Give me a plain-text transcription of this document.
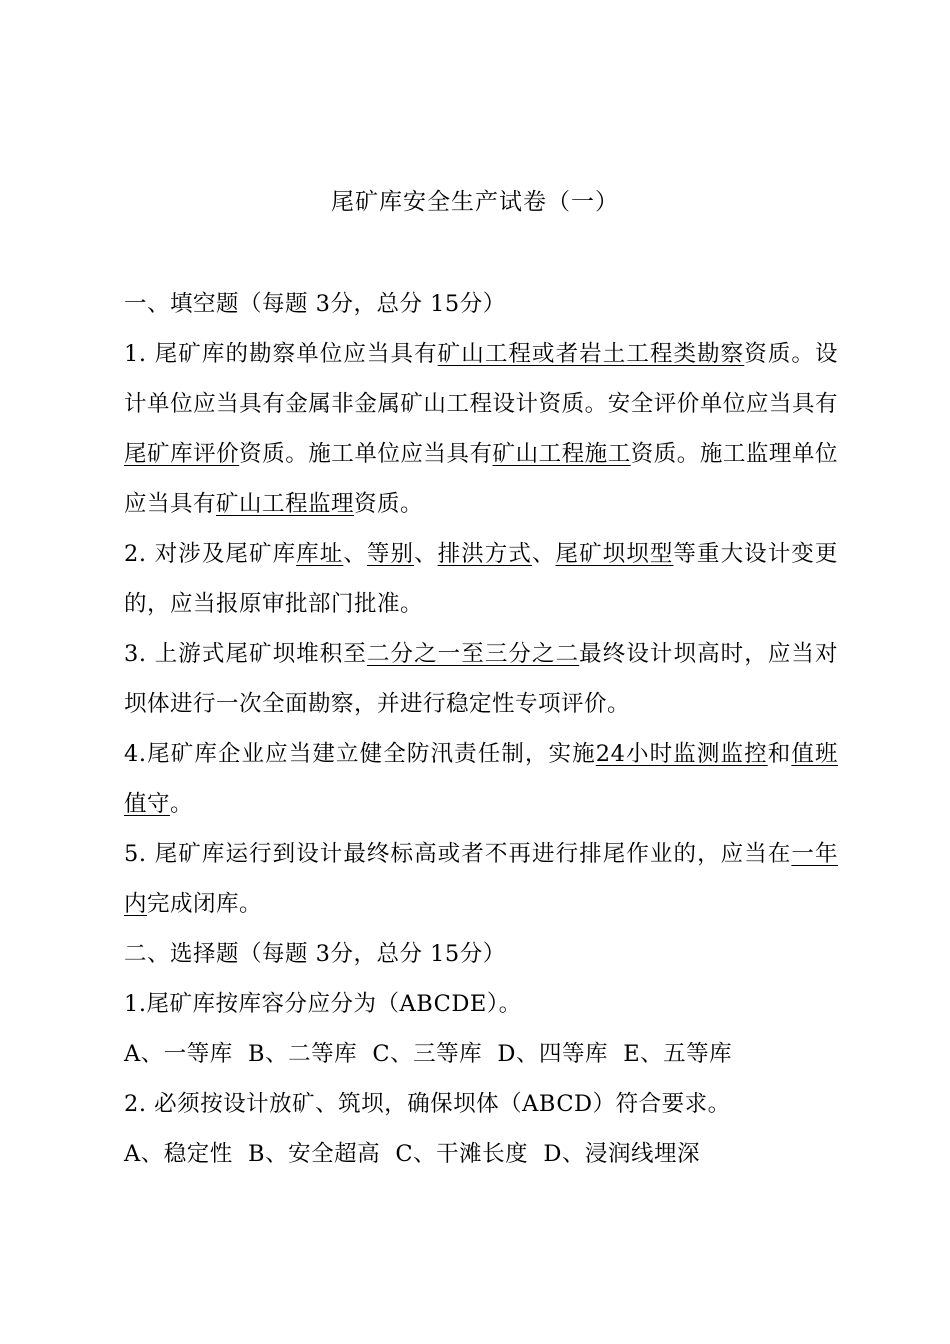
尾矿库安全生产试卷（一）
一、填空题（每题 3分，总分 15分）
1. 尾矿库的勘察单位应当具有矿山工程或者岩土工程类勘察资质。设计单位应当具有金属非金属矿山工程设计资质。安全评价单位应当具有尾矿库评价资质。施工单位应当具有矿山工程施工资质。施工监理单位应当具有矿山工程监理资质。
2. 对涉及尾矿库库址、等别、排洪方式、尾矿坝坝型等重大设计变更的，应当报原审批部门批准。
3. 上游式尾矿坝堆积至二分之一至三分之二最终设计坝高时，应当对坝体进行一次全面勘察，并进行稳定性专项评价。
4.尾矿库企业应当建立健全防汛责任制，实施24小时监测监控和值班值守。
5. 尾矿库运行到设计最终标高或者不再进行排尾作业的，应当在一年内完成闭库。
二、选择题（每题 3分，总分 15分）
1.尾矿库按库容分应分为（ABCDE）。
A、一等库  B、二等库  C、三等库  D、四等库  E、五等库
2. 必须按设计放矿、筑坝，确保坝体（ABCD）符合要求。
A、稳定性  B、安全超高  C、干滩长度  D、浸润线埋深
